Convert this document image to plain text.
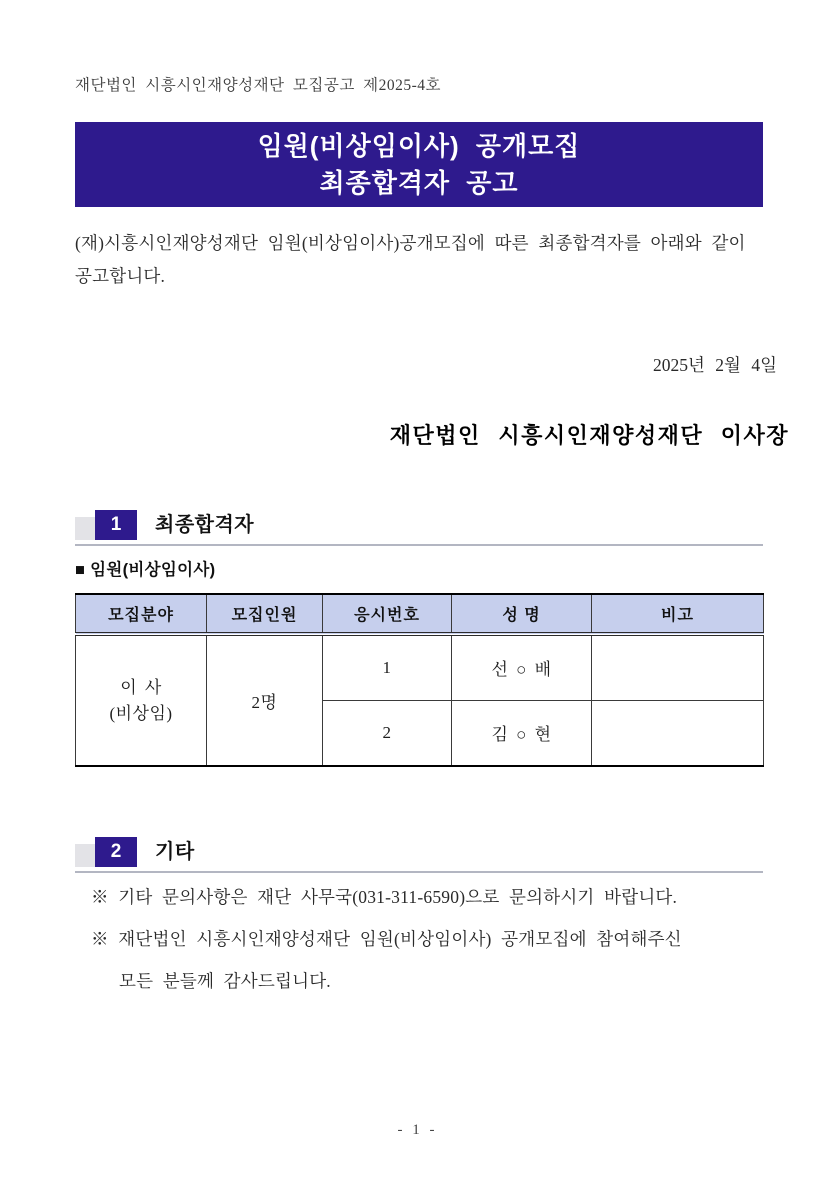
재단법인 시흥시인재양성재단 모집공고 제2025-4호
임원(비상임이사) 공개모집
최종합격자 공고
(재)시흥시인재양성재단 임원(비상임이사)공개모집에 따른 최종합격자를 아래와 같이
공고합니다.
2025년 2월 4일
재단법인 시흥시인재양성재단 이사장
1	최종합격자
■ 임원(비상임이사)
모집분야	모집인원	응시번호	성 명	비고

이 사
(비상임)	2명	1	선 ○ 배	
		2	김 ○ 현	
2	기타
※ 기타 문의사항은 재단 사무국(031-311-6590)으로 문의하시기 바랍니다.
※ 재단법인 시흥시인재양성재단 임원(비상임이사) 공개모집에 참여해주신
모든 분들께 감사드립니다.
- 1 -
